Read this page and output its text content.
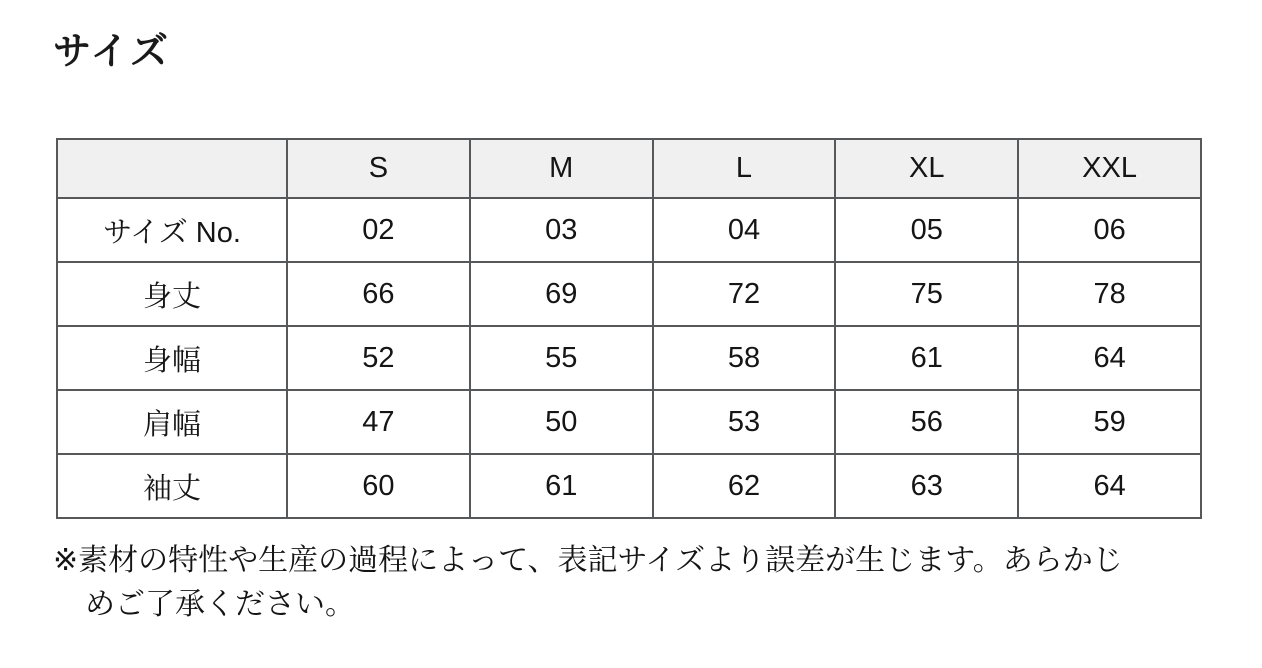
サイズ
	S	M	L	XL	XXL
サイズ No.	02	03	04	05	06
身丈	66	69	72	75	78
身幅	52	55	58	61	64
肩幅	47	50	53	56	59
袖丈	60	61	62	63	64
※素材の特性や生産の過程によって、表記サイズより誤差が生じます。あらかじ
めご了承ください。
